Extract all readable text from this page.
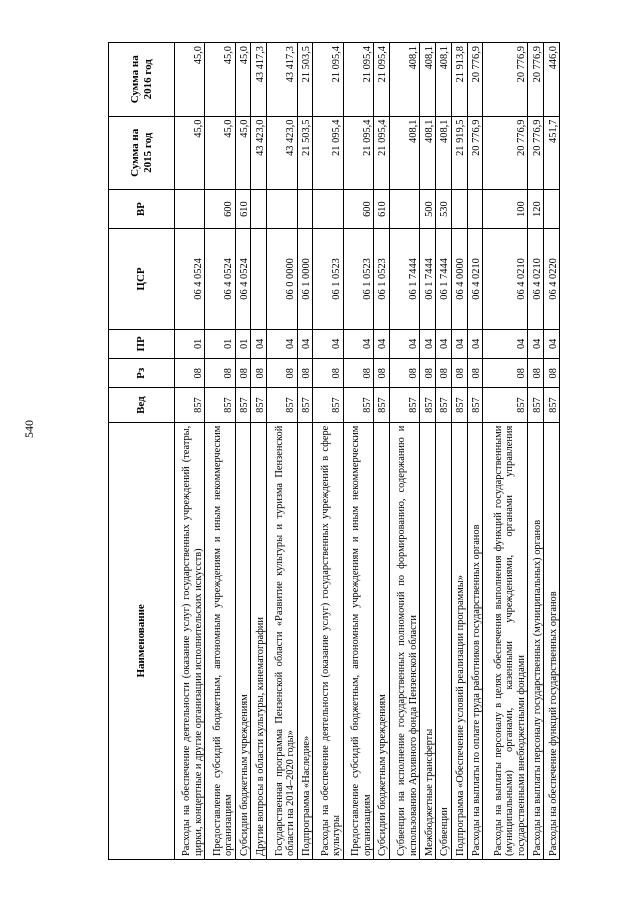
540
Наименование	Вед	Рз	ПР	ЦСР	ВР	Сумма на 2015 год	Сумма на 2016 год
Расходы на обеспечение деятельности (оказание услуг) государственных учреждений (театры, цирки, концертные и другие организации исполнительских искусств)	857	08	01	06 4 0524		45,0	45,0
Предоставление субсидий бюджетным, автономным учреждениям и иным некоммерческим организациям	857	08	01	06 4 0524	600	45,0	45,0
Субсидии бюджетным учреждениям	857	08	01	06 4 0524	610	45,0	45,0
Другие вопросы в области культуры, кинематографии	857	08	04			43 423,0	43 417,3
Государственная программа Пензенской области «Развитие культуры и туризма Пензенской области на 2014–2020 годы»	857	08	04	06 0 0000		43 423,0	43 417,3
Подпрограмма «Наследие»	857	08	04	06 1 0000		21 503,5	21 503,5
Расходы на обеспечение деятельности (оказание услуг) государственных учреждений в сфере культуры	857	08	04	06 1 0523		21 095,4	21 095,4
Предоставление субсидий бюджетным, автономным учреждениям и иным некоммерческим организациям	857	08	04	06 1 0523	600	21 095,4	21 095,4
Субсидии бюджетным учреждениям	857	08	04	06 1 0523	610	21 095,4	21 095,4
Субвенции на исполнение государственных полномочий по формированию, содержанию и использованию Архивного фонда Пензенской области	857	08	04	06 1 7444		408,1	408,1
Межбюджетные трансферты	857	08	04	06 1 7444	500	408,1	408,1
Субвенции	857	08	04	06 1 7444	530	408,1	408,1
Подпрограмма «Обеспечение условий реализации программы»	857	08	04	06 4 0000		21 919,5	21 913,8
Расходы на выплаты по оплате труда работников государственных органов	857	08	04	06 4 0210		20 776,9	20 776,9
Расходы на выплаты персоналу в целях обеспечения выполнения функций государственными (муниципальными) органами, казенными учреждениями, органами управления государственными внебюджетными фондами	857	08	04	06 4 0210	100	20 776,9	20 776,9
Расходы на выплаты персоналу государственных (муниципальных) органов	857	08	04	06 4 0210	120	20 776,9	20 776,9
Расходы на обеспечение функций государственных органов	857	08	04	06 4 0220		451,7	446,0
